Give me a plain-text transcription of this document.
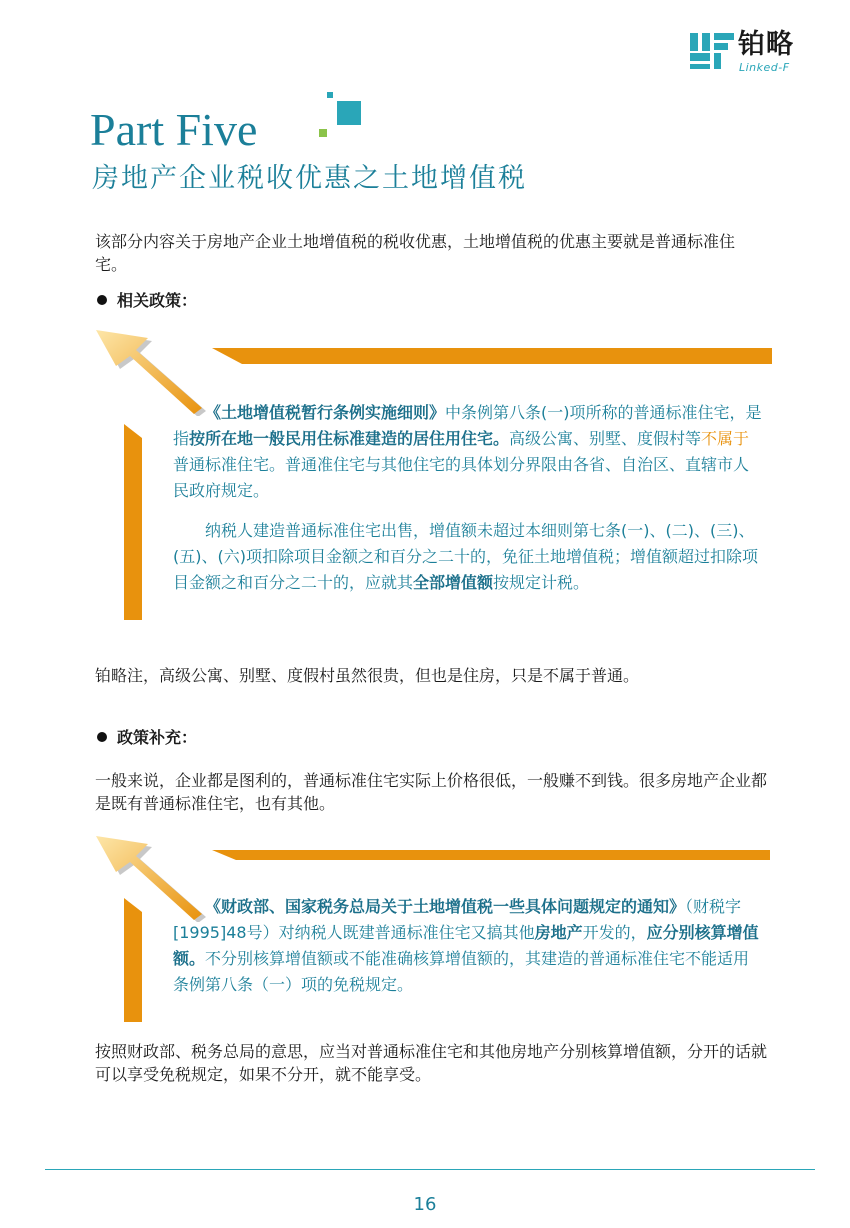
铂略
Linked-F
Part Five
房地产企业税收优惠之土地增值税
该部分内容关于房地产企业土地增值税的税收优惠，土地增值税的优惠主要就是普通标准住宅。
相关政策：

《土地增值税暂行条例实施细则》中条例第八条(一)项所称的普通标准住宅，是指按所在地一般民用住标准建造的居住用住宅。高级公寓、别墅、度假村等不属于普通标准住宅。普通准住宅与其他住宅的具体划分界限由各省、自治区、直辖市人民政府规定。

纳税人建造普通标准住宅出售，增值额未超过本细则第七条(一)、(二)、(三)、(五)、(六)项扣除项目金额之和百分之二十的，免征土地增值税；增值额超过扣除项目金额之和百分之二十的，应就其全部增值额按规定计税。

铂略注，高级公寓、别墅、度假村虽然很贵，但也是住房，只是不属于普通。
政策补充：
一般来说，企业都是图利的，普通标准住宅实际上价格很低，一般赚不到钱。很多房地产企业都是既有普通标准住宅，也有其他。

《财政部、国家税务总局关于土地增值税一些具体问题规定的通知》（财税字[1995]48号）对纳税人既建普通标准住宅又搞其他房地产开发的，应分别核算增值额。不分别核算增值额或不能准确核算增值额的，其建造的普通标准住宅不能适用条例第八条（一）项的免税规定。

按照财政部、税务总局的意思，应当对普通标准住宅和其他房地产分别核算增值额，分开的话就可以享受免税规定，如果不分开，就不能享受。
16
